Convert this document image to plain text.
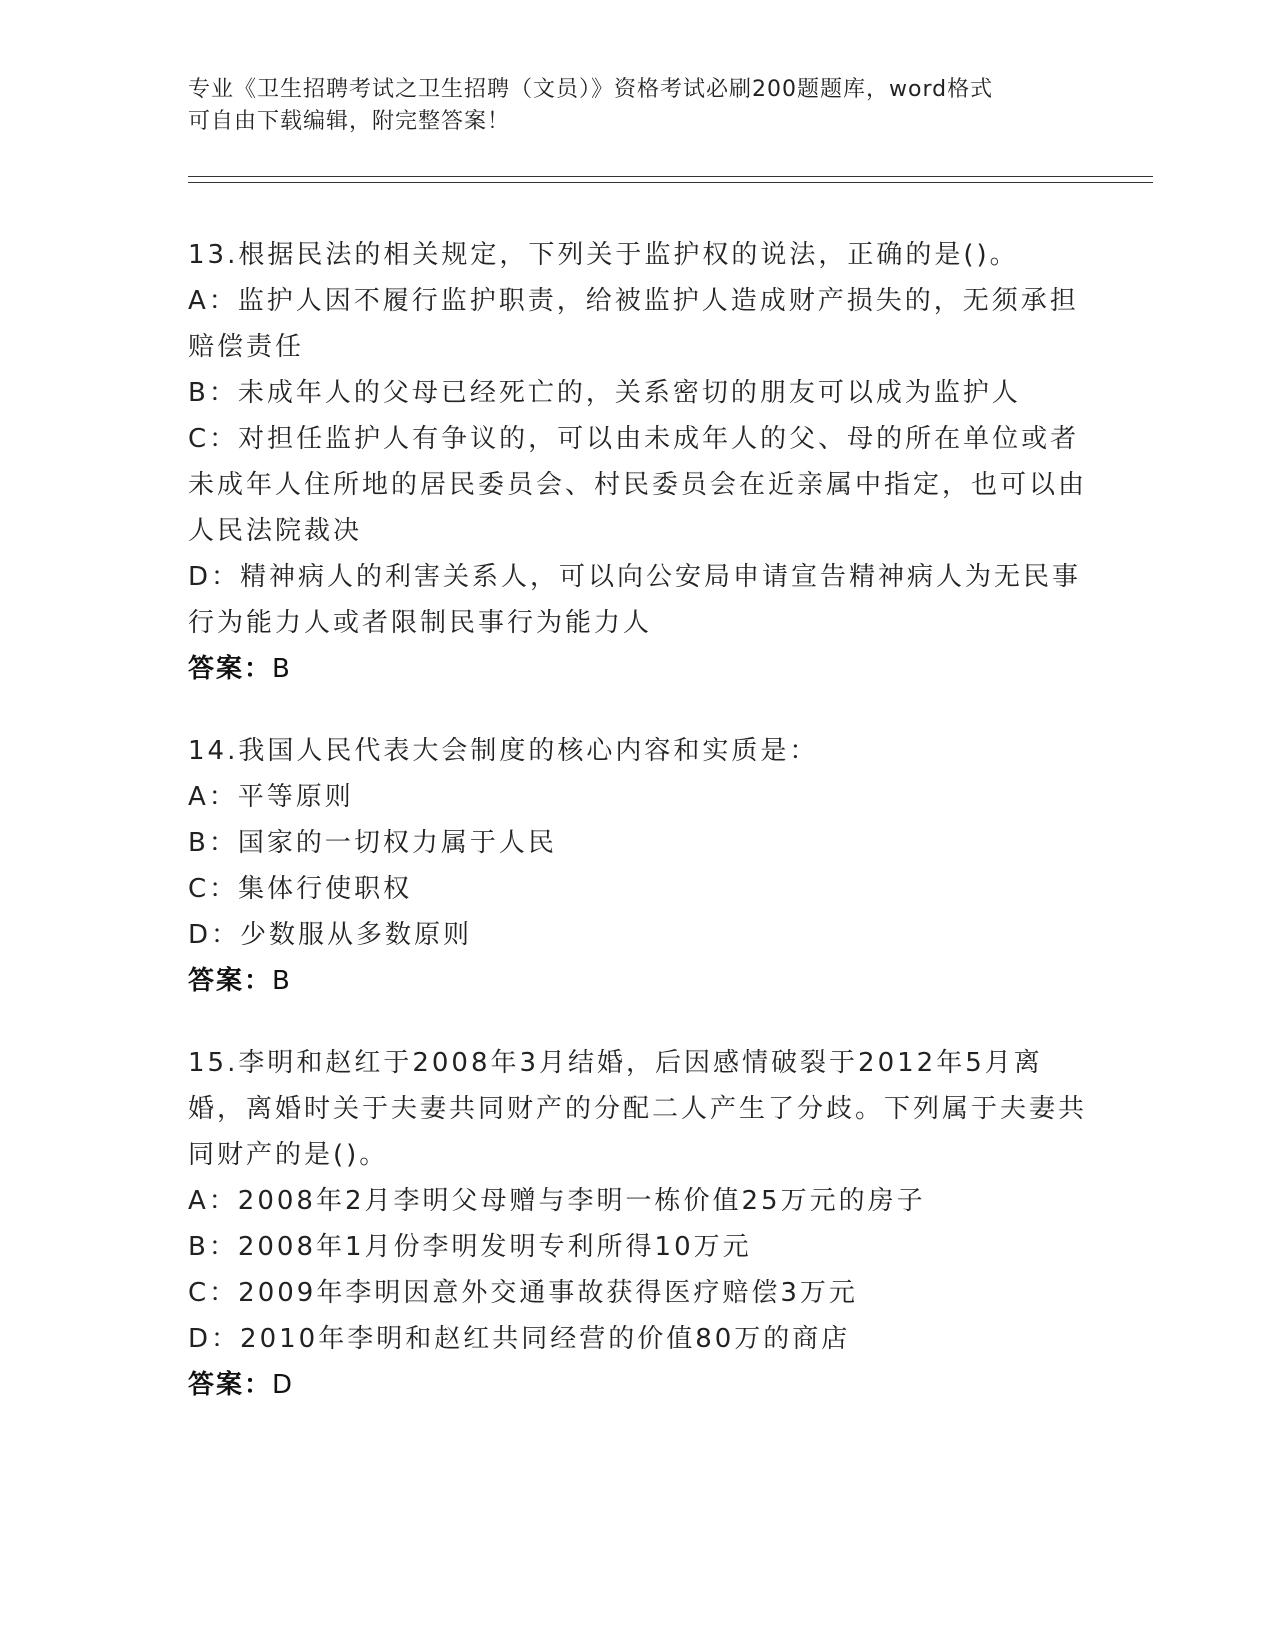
专业《卫生招聘考试之卫生招聘（文员）》资格考试必刷200题题库，word格式
可自由下载编辑，附完整答案！
13.根据民法的相关规定，下列关于监护权的说法，正确的是()。
A：监护人因不履行监护职责，给被监护人造成财产损失的，无须承担赔偿责任
B：未成年人的父母已经死亡的，关系密切的朋友可以成为监护人
C：对担任监护人有争议的，可以由未成年人的父、母的所在单位或者未成年人住所地的居民委员会、村民委员会在近亲属中指定，也可以由人民法院裁决
D：精神病人的利害关系人，可以向公安局申请宣告精神病人为无民事行为能力人或者限制民事行为能力人
答案：B
14.我国人民代表大会制度的核心内容和实质是：
A：平等原则
B：国家的一切权力属于人民
C：集体行使职权
D：少数服从多数原则
答案：B
15.李明和赵红于2008年3月结婚，后因感情破裂于2012年5月离婚，离婚时关于夫妻共同财产的分配二人产生了分歧。下列属于夫妻共同财产的是()。
A：2008年2月李明父母赠与李明一栋价值25万元的房子
B：2008年1月份李明发明专利所得10万元
C：2009年李明因意外交通事故获得医疗赔偿3万元
D：2010年李明和赵红共同经营的价值80万的商店
答案：D
